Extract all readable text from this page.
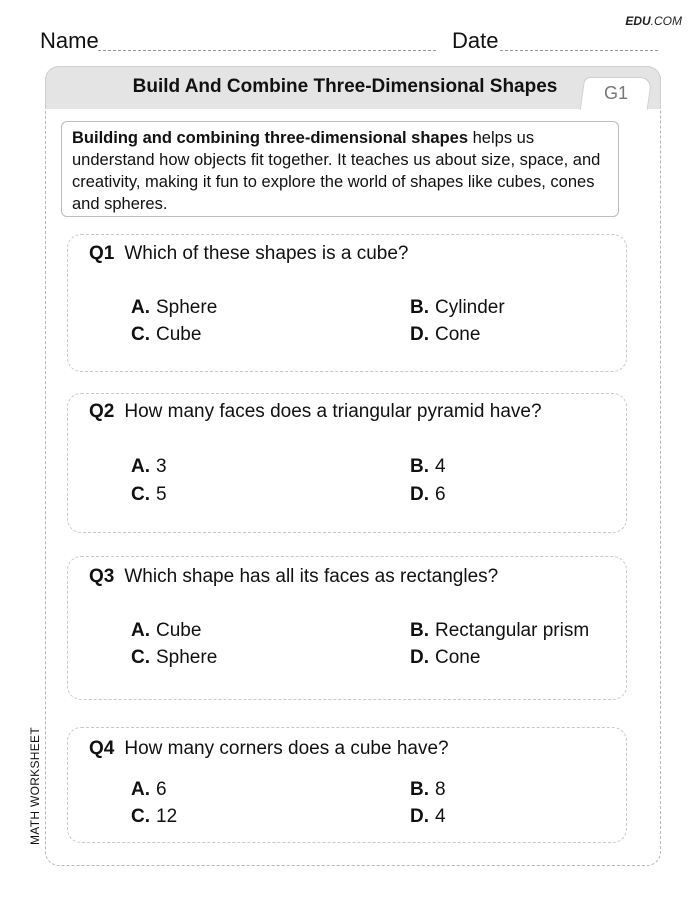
EDU.COM
Name	Date
Build And Combine Three-Dimensional Shapes	G1
Building and combining three-dimensional shapes helps us understand how objects fit together. It teaches us about size, space, and creativity, making it fun to explore the world of shapes like cubes, cones and spheres.
Q1 Which of these shapes is a cube?
A. Sphere	B. Cylinder
C. Cube	D. Cone
Q2 How many faces does a triangular pyramid have?
A. 3	B. 4
C. 5	D. 6
Q3 Which shape has all its faces as rectangles?
A. Cube	B. Rectangular prism
C. Sphere	D. Cone
Q4 How many corners does a cube have?
A. 6	B. 8
C. 12	D. 4
MATH WORKSHEET
